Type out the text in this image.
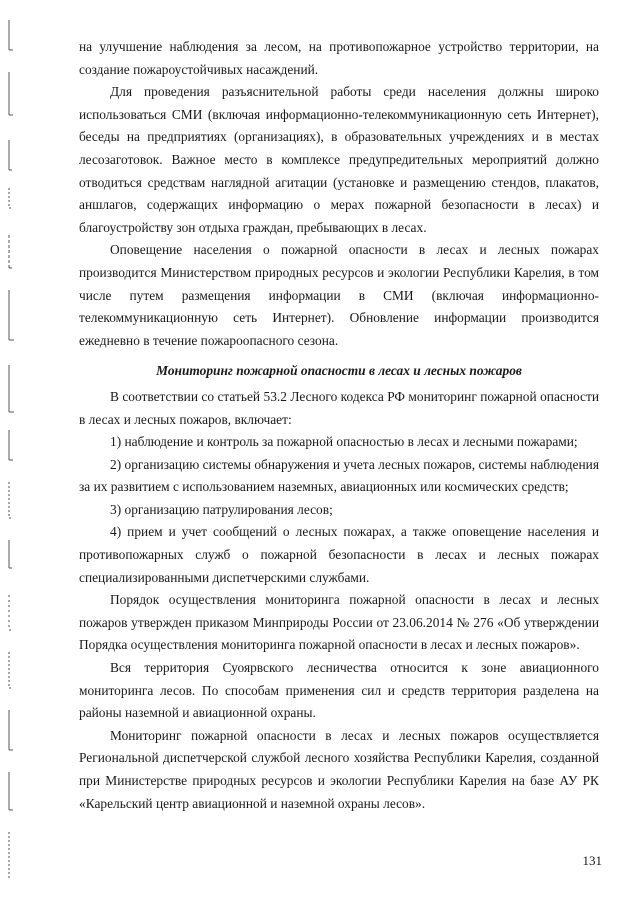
на улучшение наблюдения за лесом, на противопожарное устройство территории, на создание пожароустойчивых насаждений.

Для проведения разъяснительной работы среди населения должны широко использоваться СМИ (включая информационно-телекоммуникационную сеть Интернет), беседы на предприятиях (организациях), в образовательных учреждениях и в местах лесозаготовок. Важное место в комплексе предупредительных мероприятий должно отводиться средствам наглядной агитации (установке и размещению стендов, плакатов, аншлагов, содержащих информацию о мерах пожарной безопасности в лесах) и благоустройству зон отдыха граждан, пребывающих в лесах.

Оповещение населения о пожарной опасности в лесах и лесных пожарах производится Министерством природных ресурсов и экологии Республики Карелия, в том числе путем размещения информации в СМИ (включая информационно-телекоммуникационную сеть Интернет). Обновление информации производится ежедневно в течение пожароопасного сезона.

Мониторинг пожарной опасности в лесах и лесных пожаров

В соответствии со статьей 53.2 Лесного кодекса РФ мониторинг пожарной опасности в лесах и лесных пожаров, включает:

1) наблюдение и контроль за пожарной опасностью в лесах и лесными пожарами;

2) организацию системы обнаружения и учета лесных пожаров, системы наблюдения за их развитием с использованием наземных, авиационных или космических средств;

3) организацию патрулирования лесов;

4) прием и учет сообщений о лесных пожарах, а также оповещение населения и противопожарных служб о пожарной безопасности в лесах и лесных пожарах специализированными диспетчерскими службами.

Порядок осуществления мониторинга пожарной опасности в лесах и лесных пожаров утвержден приказом Минприроды России от 23.06.2014 № 276 «Об утверждении Порядка осуществления мониторинга пожарной опасности в лесах и лесных пожаров».

Вся территория Суоярвского лесничества относится к зоне авиационного мониторинга лесов. По способам применения сил и средств территория разделена на районы наземной и авиационной охраны.

Мониторинг пожарной опасности в лесах и лесных пожаров осуществляется Региональной диспетчерской службой лесного хозяйства Республики Карелия, созданной при Министерстве природных ресурсов и экологии Республики Карелия на базе АУ РК «Карельский центр авиационной и наземной охраны лесов».

131
